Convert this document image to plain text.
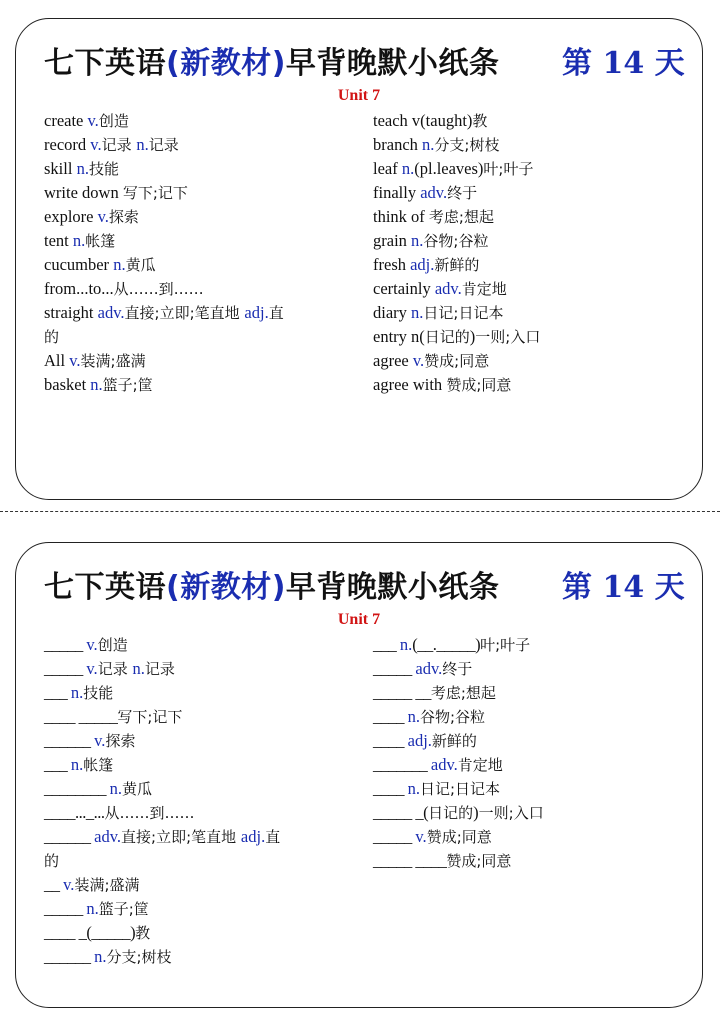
七下英语(新教材)早背晚默小纸条 第 14 天
Unit 7
create v.创造
record v.记录 n.记录
skill n.技能
write down 写下;记下
explore v.探索
tent n.帐篷
cucumber n.黄瓜
from...to...从……到……
straight adv.直接;立即;笔直地 adj.直
的
All v.装满;盛满
basket n.篮子;筐
teach v(taught)教
branch n.分支;树枝
leaf n.(pl.leaves)叶;叶子
finally adv.终于
think of 考虑;想起
grain n.谷物;谷粒
fresh adj.新鲜的
certainly adv.肯定地
diary n.日记;日记本
entry n(日记的)一则;入口
agree v.赞成;同意
agree with 赞成;同意
七下英语(新教材)早背晚默小纸条 第 14 天
Unit 7
_____ v.创造
_____ v.记录 n.记录
___ n.技能
____ _____写下;记下
______ v.探索
___ n.帐篷
________ n.黄瓜
____..._...从……到……
______ adv.直接;立即;笔直地 adj.直
的
__ v.装满;盛满
_____ n.篮子;筐
____ _(_____)教
______ n.分支;树枝
___ n.(__._____)叶;叶子
_____ adv.终于
_____ __考虑;想起
____ n.谷物;谷粒
____ adj.新鲜的
_______ adv.肯定地
____ n.日记;日记本
_____ _(日记的)一则;入口
_____ v.赞成;同意
_____ ____赞成;同意
